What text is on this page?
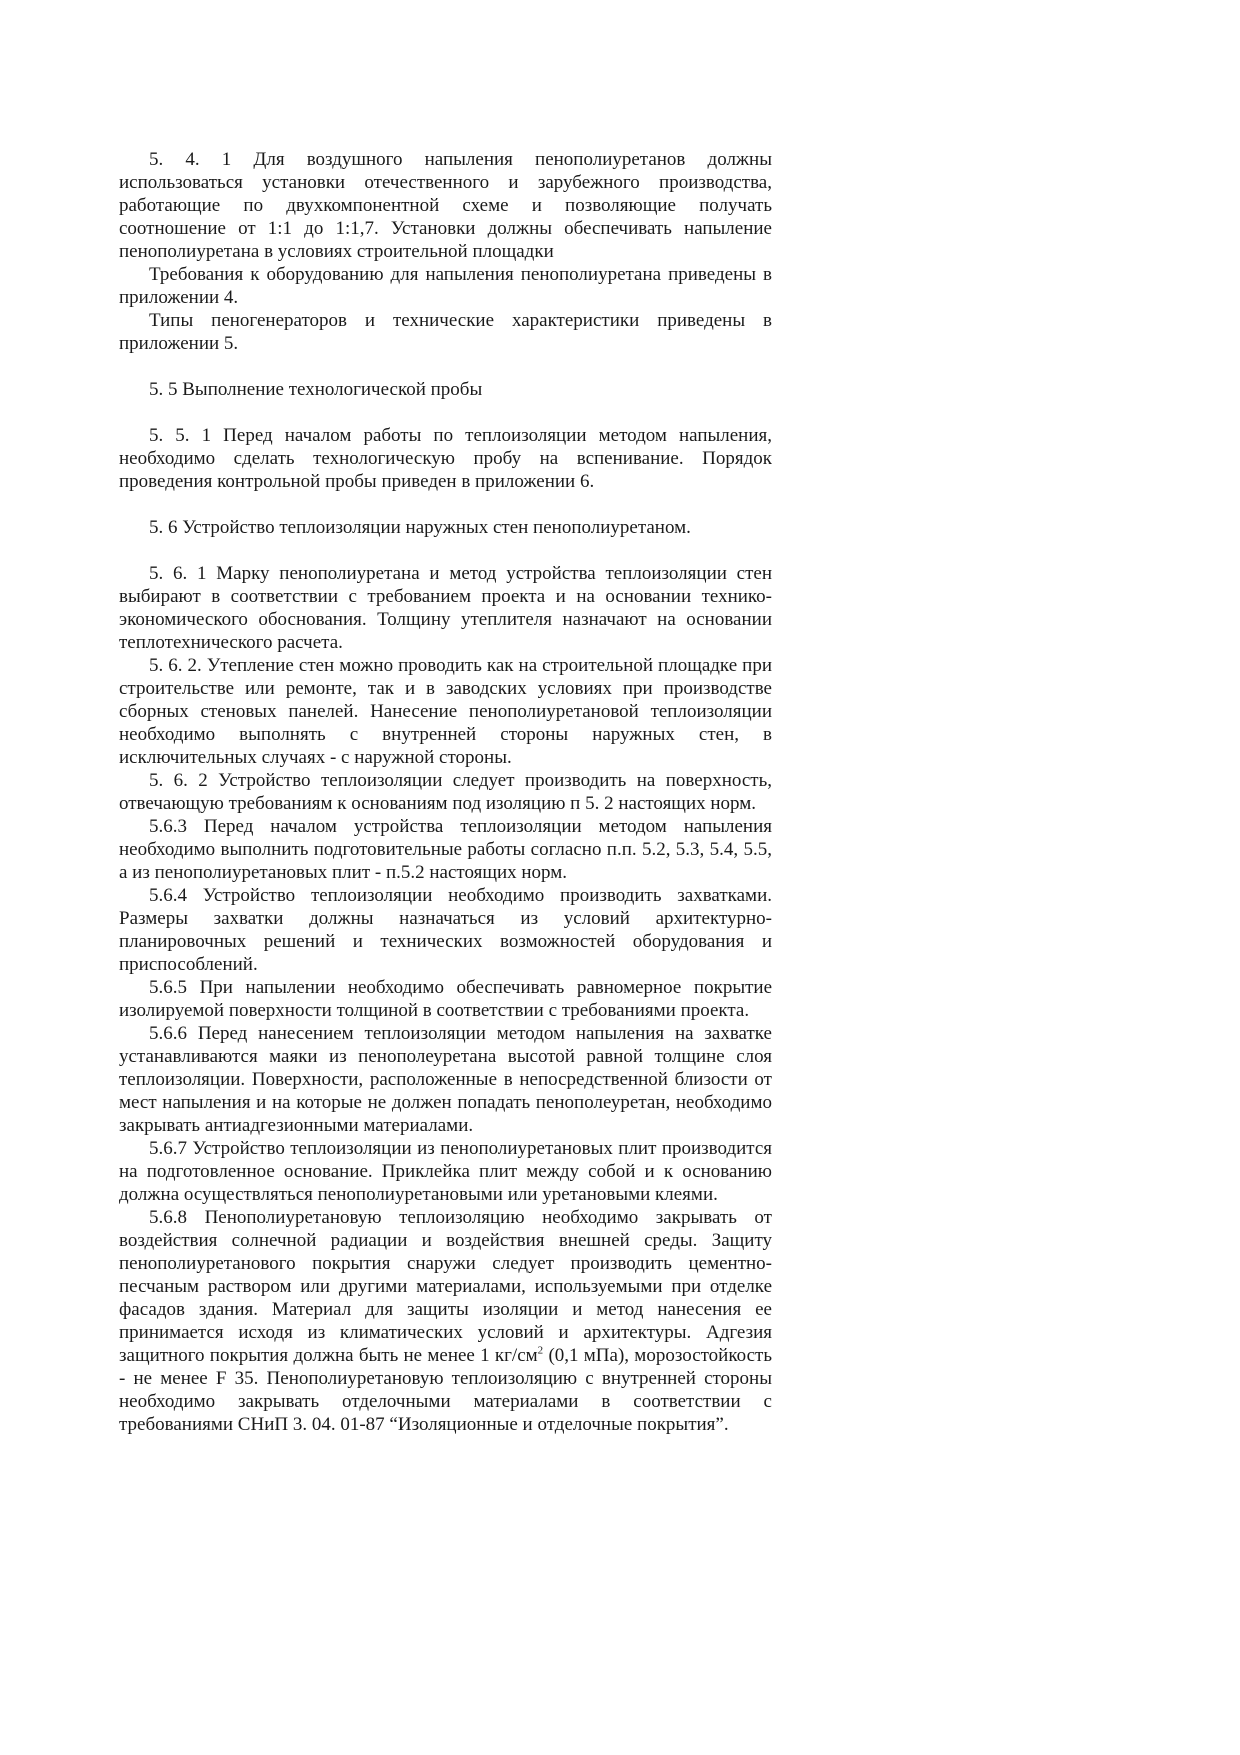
5. 4. 1 Для воздушного напыления пенополиуретанов должны использоваться установки отечественного и зарубежного производства, работающие по двухкомпонентной схеме и позволяющие получать соотношение от 1:1 до 1:1,7. Установки должны обеспечивать напыление пенополиуретана в условиях строительной площадки

Требования к оборудованию для напыления пенополиуретана приведены в приложении 4.

Типы пеногенераторов и технические характеристики приведены в приложении 5.

5. 5 Выполнение технологической пробы

5. 5. 1 Перед началом работы по теплоизоляции методом напыления, необходимо сделать технологическую пробу на вспенивание. Порядок проведения контрольной пробы приведен в приложении 6.

5. 6 Устройство теплоизоляции наружных стен пенополиуретаном.

5. 6. 1 Марку пенополиуретана и метод устройства теплоизоляции стен выбирают в соответствии с требованием проекта и на основании технико-экономического обоснования. Толщину утеплителя назначают на основании теплотехнического расчета.

5. 6. 2. Утепление стен можно проводить как на строительной площадке при строительстве или ремонте, так и в заводских условиях при производстве сборных стеновых панелей. Нанесение пенополиуретановой теплоизоляции необходимо выполнять с внутренней стороны наружных стен, в исключительных случаях - с наружной стороны.

5. 6. 2 Устройство теплоизоляции следует производить на поверхность, отвечающую требованиям к основаниям под изоляцию п 5. 2 настоящих норм.

5.6.3 Перед началом устройства теплоизоляции методом напыления необходимо выполнить подготовительные работы согласно п.п. 5.2, 5.3, 5.4, 5.5, а из пенополиуретановых плит - п.5.2 настоящих норм.

5.6.4 Устройство теплоизоляции необходимо производить захватками. Размеры захватки должны назначаться из условий архитектурно-планировочных решений и технических возможностей оборудования и приспособлений.

5.6.5 При напылении необходимо обеспечивать равномерное покрытие изолируемой поверхности толщиной в соответствии с требованиями проекта.

5.6.6 Перед нанесением теплоизоляции методом напыления на захватке устанавливаются маяки из пенополеуретана высотой равной толщине слоя теплоизоляции. Поверхности, расположенные в непосредственной близости от мест напыления и на которые не должен попадать пенополеуретан, необходимо закрывать антиадгезионными материалами.

5.6.7 Устройство теплоизоляции из пенополиуретановых плит производится на подготовленное основание. Приклейка плит между собой и к основанию должна осуществляться пенополиуретановыми или уретановыми клеями.

5.6.8 Пенополиуретановую теплоизоляцию необходимо закрывать от воздействия солнечной радиации и воздействия внешней среды. Защиту пенополиуретанового покрытия снаружи следует производить цементно-песчаным раствором или другими материалами, используемыми при отделке фасадов здания. Материал для защиты изоляции и метод нанесения ее принимается исходя из климатических условий и архитектуры. Адгезия защитного покрытия должна быть не менее 1 $кг/см^2$ (0,1 мПа), морозостойкость - не менее F 35. Пенополиуретановую теплоизоляцию с внутренней стороны необходимо закрывать отделочными материалами в соответствии с требованиями СНиП 3. 04. 01-87 “Изоляционные и отделочные покрытия”.
